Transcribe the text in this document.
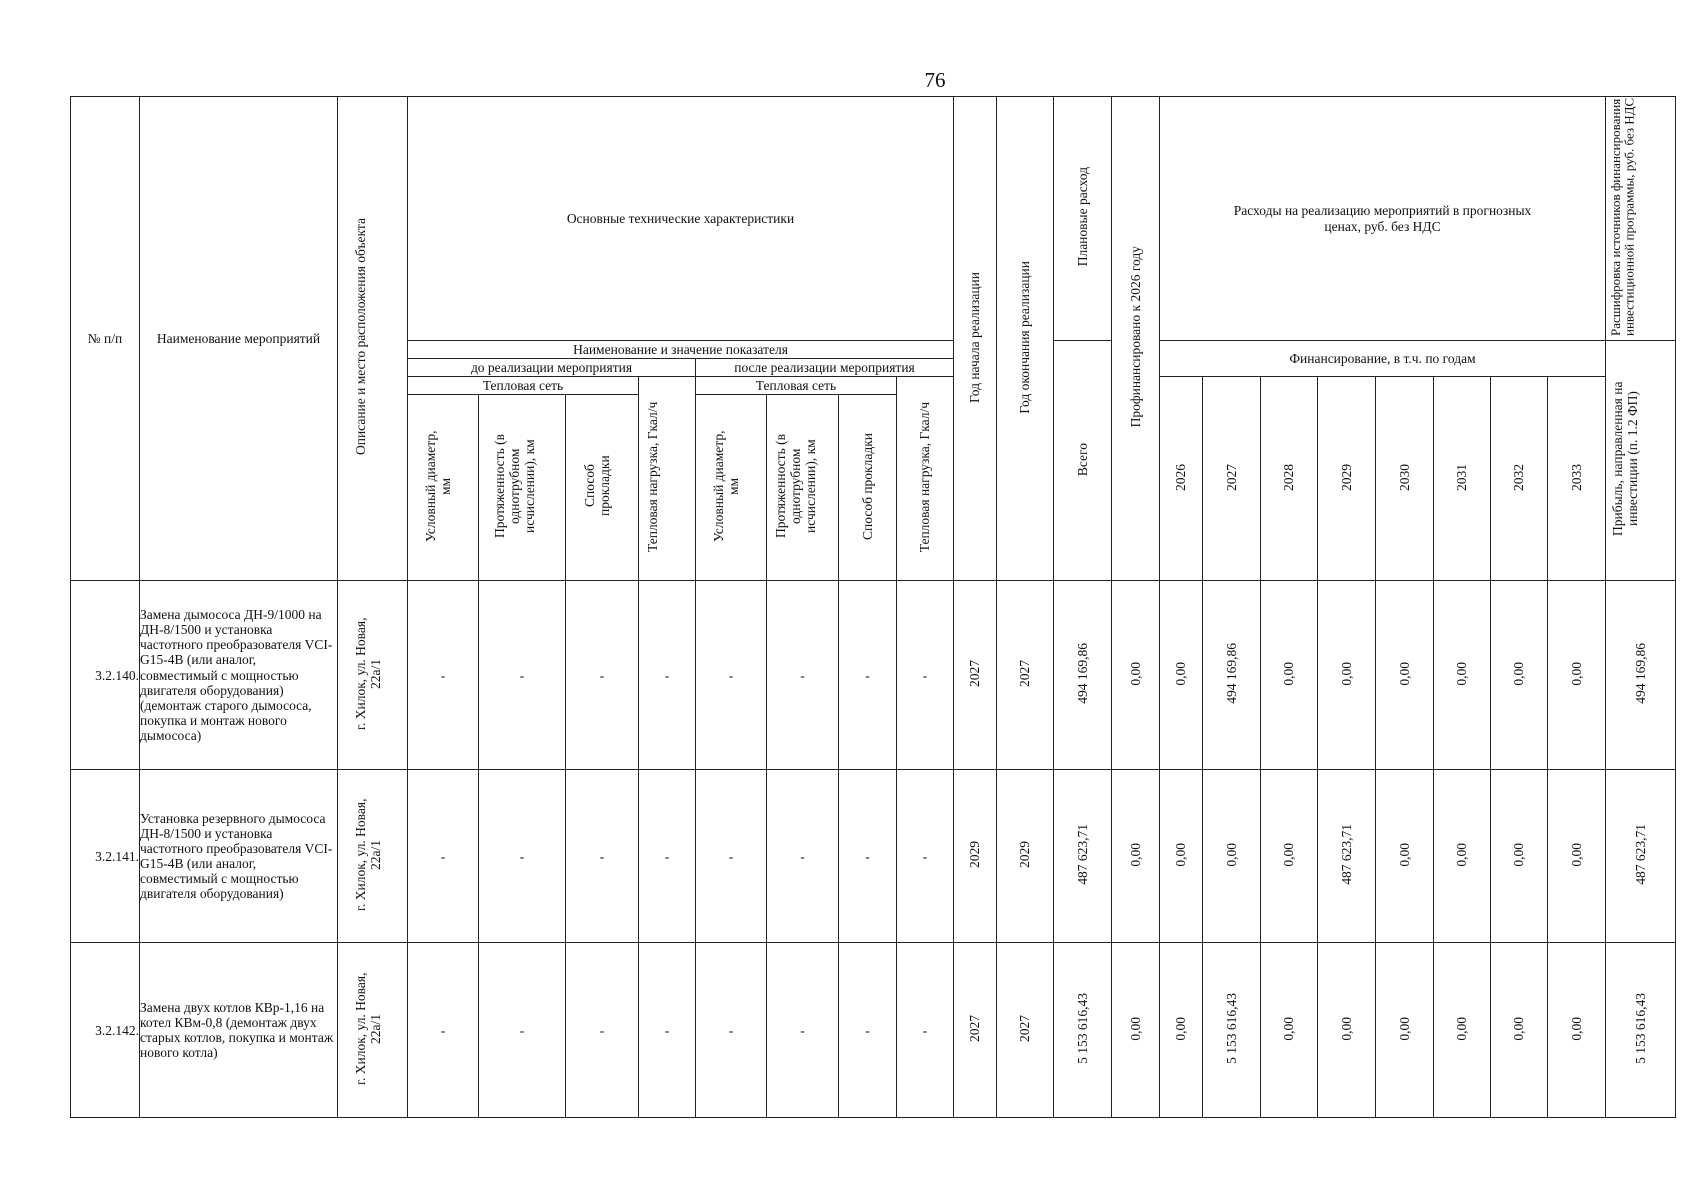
76
№ п/п	Наименование мероприятий	Описание и место расположения объекта	Основные технические характеристики								Год начала реализации	Год окончания реализации	Плановые расход	Профинансировано к 2026 году	Расходы на реализацию мероприятий в прогнозных ценах, руб. без НДС								Расшифровка источников финансирования инвестиционной программы, руб. без НДС
			Наименование и значение показателя										Всего		Финансирование, в т.ч. по годам								Прибыль, направленная на инвестиции (п. 1.2 ФП)
			до реализации мероприятия				после реализации мероприятия																
			Тепловая сеть			Тепловая нагрузка, Гкал/ч	Тепловая сеть			Тепловая нагрузка, Гкал/ч					2026	2027	2028	2029	2030	2031	2032	2033	
			Условный диаметр, мм	Протяженность (в однотрубном исчислении), км	Способ прокладки		Условный диаметр, мм	Протяженность (в однотрубном исчислении), км	Способ прокладки														
3.2.140.	Замена дымососа ДН-9/1000 на ДН-8/1500 и установка частотного преобразователя VCI-G15-4B (или аналог, совместимый с мощностью двигателя оборудования) (демонтаж старого дымососа, покупка и монтаж нового дымососа)	г. Хилок, ул. Новая, 22а/1	-	-	-	-	-	-	-	-	2027	2027	494 169,86	0,00	0,00	494 169,86	0,00	0,00	0,00	0,00	0,00	0,00	494 169,86
3.2.141.	Установка резервного дымососа ДН-8/1500 и установка частотного преобразователя VCI-G15-4B (или аналог, совместимый с мощностью двигателя оборудования)	г. Хилок, ул. Новая, 22а/1	-	-	-	-	-	-	-	-	2029	2029	487 623,71	0,00	0,00	0,00	0,00	487 623,71	0,00	0,00	0,00	0,00	487 623,71
3.2.142.	Замена двух котлов КВр-1,16 на котел КВм-0,8 (демонтаж двух старых котлов, покупка и монтаж нового котла)	г. Хилок, ул. Новая, 22а/1	-	-	-	-	-	-	-	-	2027	2027	5 153 616,43	0,00	0,00	5 153 616,43	0,00	0,00	0,00	0,00	0,00	0,00	5 153 616,43
